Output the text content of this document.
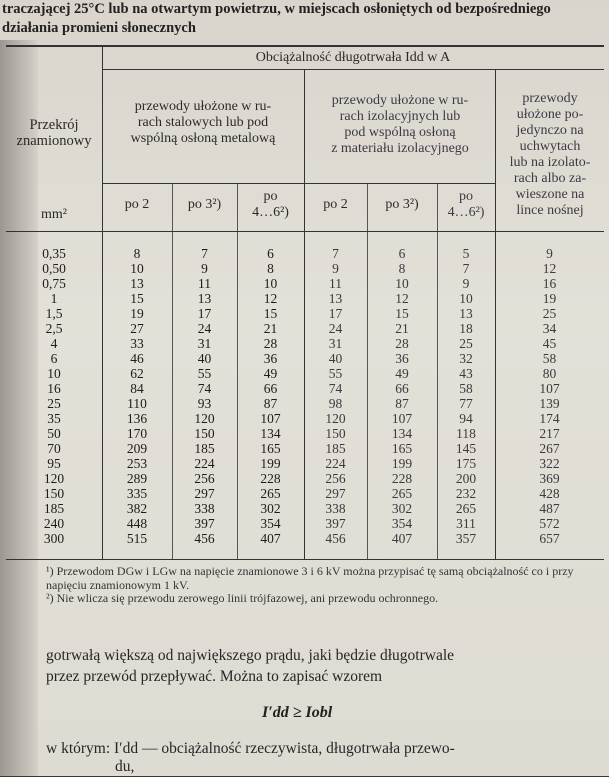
traczającej 25°C lub na otwartym powietrzu, w miejscach osłoniętych od bezpośredniego
działania promieni słonecznych
Obciążalność długotrwała Idd w A
Przekrój
znamionowy
mm²
przewody ułożone w ru-
rach stalowych lub pod
wspólną osłoną metalową
przewody ułożone w ru-
rach izolacyjnych lub
pod wspólną osłoną
z materiału izolacyjnego
przewody
ułożone po-
jedynczo na
uchwytach
lub na izolato-
rach albo za-
wieszone na
lince nośnej
po 2	po 3²)
po
4…6²)
po 2	po 3²)
po
4…6²)
0,35
0,50
0,75
1
1,5
2,5
4
6
10
16
25
35
50
70
95
120
150
185
240
300
8
10
13
15
19
27
33
46
62
84
110
136
170
209
253
289
335
382
448
515
7
9
11
13
17
24
31
40
55
74
93
120
150
185
224
256
297
338
397
456
6
8
10
12
15
21
28
36
49
66
87
107
134
165
199
228
265
302
354
407
7
9
11
13
17
24
31
40
55
74
98
120
150
185
224
256
297
338
397
456
6
8
10
12
15
21
28
36
49
66
87
107
134
165
199
228
265
302
354
407
5
7
9
10
13
18
25
32
43
58
77
94
118
145
175
200
232
265
311
357
9
12
16
19
25
34
45
58
80
107
139
174
217
267
322
369
428
487
572
657
¹) Przewodom DGw i LGw na napięcie znamionowe 3 i 6 kV można przypisać tę samą obciążalność co i przy napięciu znamionowym 1 kV.
²) Nie wlicza się przewodu zerowego linii trójfazowej, ani przewodu ochronnego.
gotrwałą większą od największego prądu, jaki będzie długotrwale
przez przewód przepływać. Można to zapisać wzorem
I′dd ≥ Iobl
w którym: I′dd — obciążalność rzeczywista, długotrwała przewo-
du,
